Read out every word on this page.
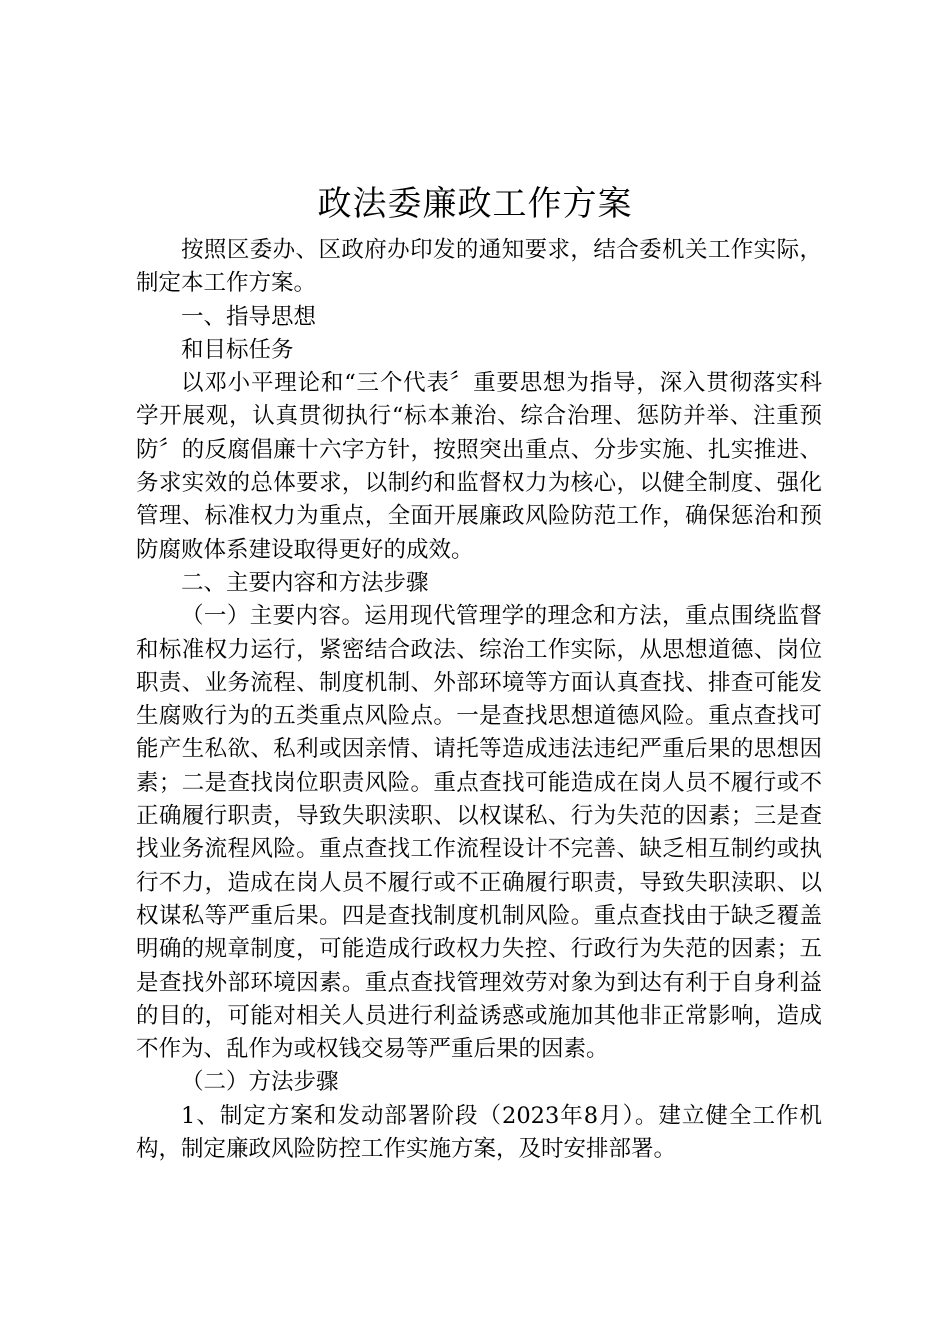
政法委廉政工作方案

按照区委办、区政府办印发的通知要求，结合委机关工作实际，制定本工作方案。

一、指导思想

和目标任务

以邓小平理论和“三个代表〞重要思想为指导，深入贯彻落实科学开展观，认真贯彻执行“标本兼治、综合治理、惩防并举、注重预防〞的反腐倡廉十六字方针，按照突出重点、分步实施、扎实推进、务求实效的总体要求，以制约和监督权力为核心，以健全制度、强化管理、标准权力为重点，全面开展廉政风险防范工作，确保惩治和预防腐败体系建设取得更好的成效。

二、主要内容和方法步骤

（一）主要内容。运用现代管理学的理念和方法，重点围绕监督和标准权力运行，紧密结合政法、综治工作实际，从思想道德、岗位职责、业务流程、制度机制、外部环境等方面认真查找、排查可能发生腐败行为的五类重点风险点。一是查找思想道德风险。重点查找可能产生私欲、私利或因亲情、请托等造成违法违纪严重后果的思想因素；二是查找岗位职责风险。重点查找可能造成在岗人员不履行或不正确履行职责，导致失职渎职、以权谋私、行为失范的因素；三是查找业务流程风险。重点查找工作流程设计不完善、缺乏相互制约或执行不力，造成在岗人员不履行或不正确履行职责，导致失职渎职、以权谋私等严重后果。四是查找制度机制风险。重点查找由于缺乏覆盖明确的规章制度，可能造成行政权力失控、行政行为失范的因素；五是查找外部环境因素。重点查找管理效劳对象为到达有利于自身利益的目的，可能对相关人员进行利益诱惑或施加其他非正常影响，造成不作为、乱作为或权钱交易等严重后果的因素。

（二）方法步骤

1、制定方案和发动部署阶段（2023年8月）。建立健全工作机构，制定廉政风险防控工作实施方案，及时安排部署。
